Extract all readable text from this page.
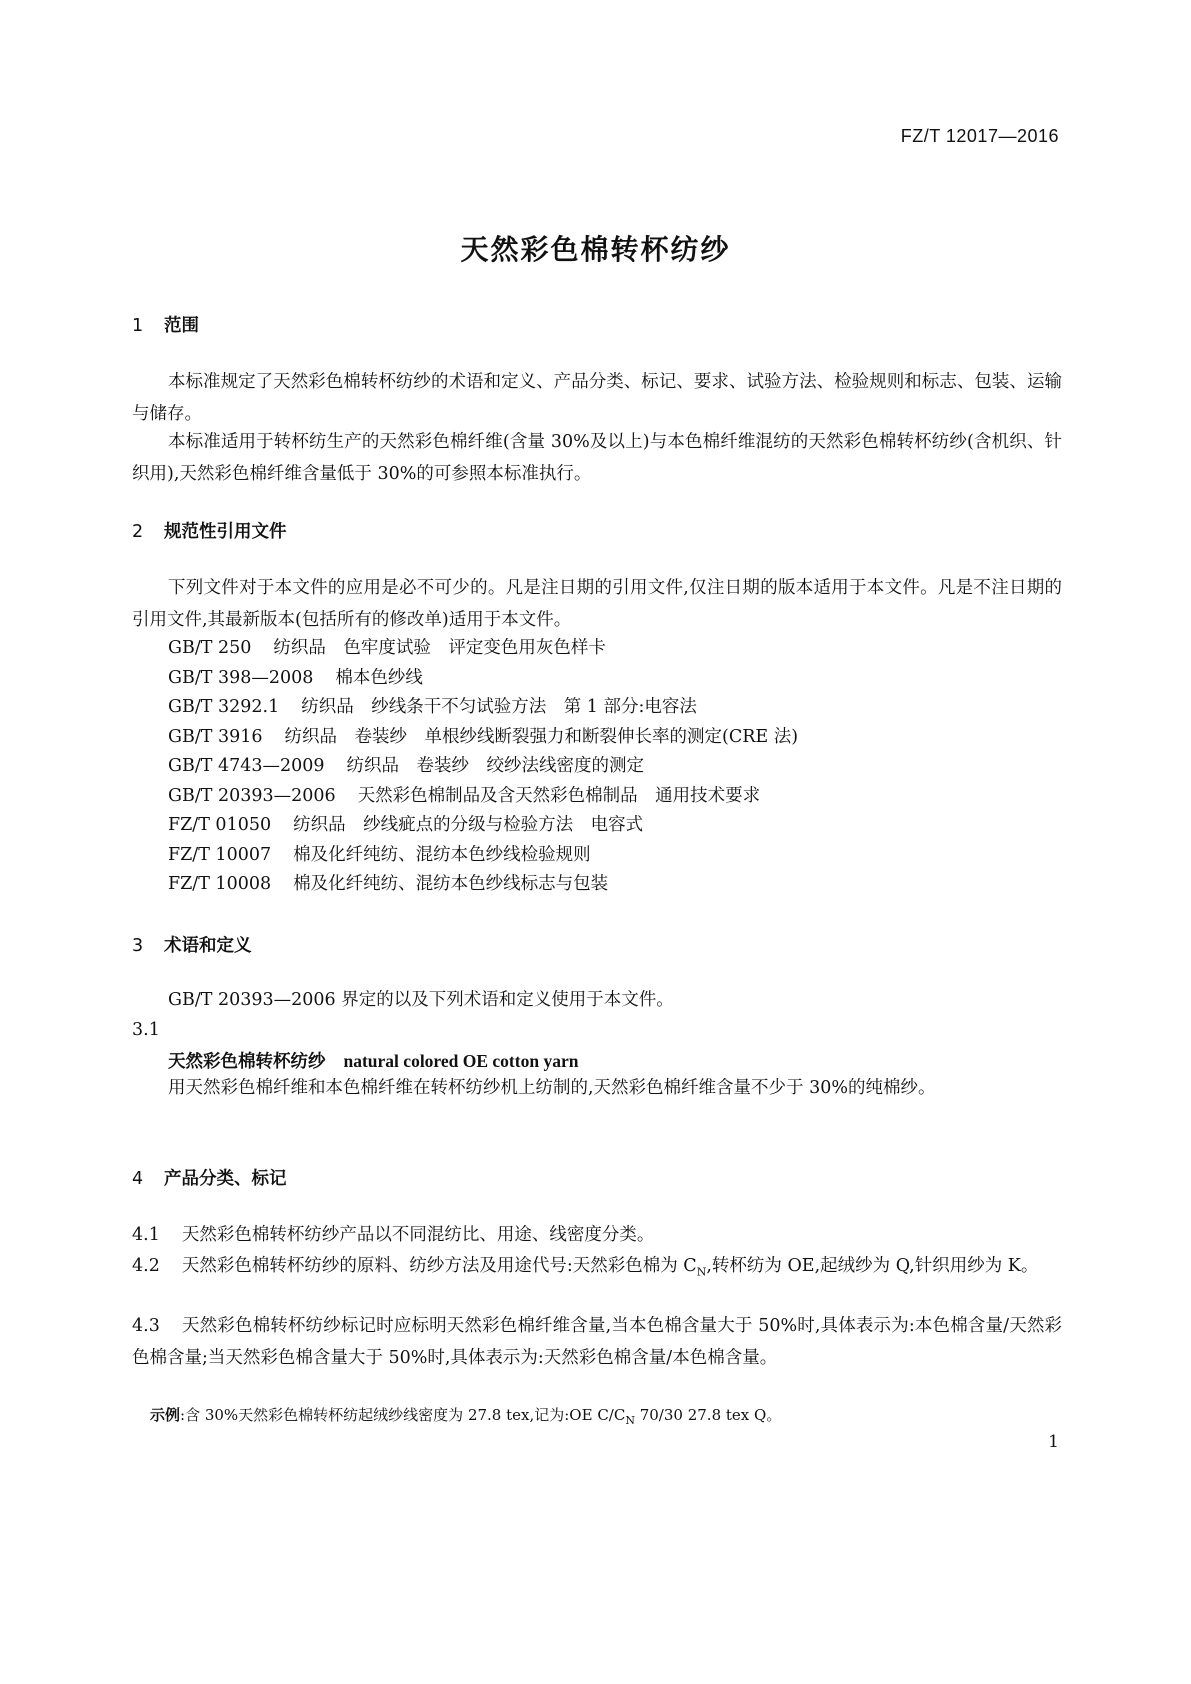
FZ/T 12017—2016
天然彩色棉转杯纺纱
1 范围
本标准规定了天然彩色棉转杯纺纱的术语和定义、产品分类、标记、要求、试验方法、检验规则和标志、包装、运输与储存。
本标准适用于转杯纺生产的天然彩色棉纤维(含量 30%及以上)与本色棉纤维混纺的天然彩色棉转杯纺纱(含机织、针织用),天然彩色棉纤维含量低于 30%的可参照本标准执行。
2 规范性引用文件
下列文件对于本文件的应用是必不可少的。凡是注日期的引用文件,仅注日期的版本适用于本文件。凡是不注日期的引用文件,其最新版本(包括所有的修改单)适用于本文件。
GB/T 250 纺织品　色牢度试验　评定变色用灰色样卡
GB/T 398—2008 棉本色纱线
GB/T 3292.1 纺织品　纱线条干不匀试验方法　第 1 部分:电容法
GB/T 3916 纺织品　卷装纱　单根纱线断裂强力和断裂伸长率的测定(CRE 法)
GB/T 4743—2009 纺织品　卷装纱　绞纱法线密度的测定
GB/T 20393—2006 天然彩色棉制品及含天然彩色棉制品　通用技术要求
FZ/T 01050 纺织品　纱线疵点的分级与检验方法　电容式
FZ/T 10007 棉及化纤纯纺、混纺本色纱线检验规则
FZ/T 10008 棉及化纤纯纺、混纺本色纱线标志与包装
3 术语和定义
GB/T 20393—2006 界定的以及下列术语和定义使用于本文件。
3.1
天然彩色棉转杯纺纱 natural colored OE cotton yarn
用天然彩色棉纤维和本色棉纤维在转杯纺纱机上纺制的,天然彩色棉纤维含量不少于 30%的纯棉纱。
4 产品分类、标记
4.1 天然彩色棉转杯纺纱产品以不同混纺比、用途、线密度分类。
4.2 天然彩色棉转杯纺纱的原料、纺纱方法及用途代号:天然彩色棉为 $C_N$,转杯纺为 OE,起绒纱为 Q,针织用纱为 K。
4.3 天然彩色棉转杯纺纱标记时应标明天然彩色棉纤维含量,当本色棉含量大于 50%时,具体表示为:本色棉含量/天然彩色棉含量;当天然彩色棉含量大于 50%时,具体表示为:天然彩色棉含量/本色棉含量。
示例:含 30%天然彩色棉转杯纺起绒纱线密度为 27.8 tex,记为:OE $C/C_N$ 70/30 27.8 tex Q。
1
